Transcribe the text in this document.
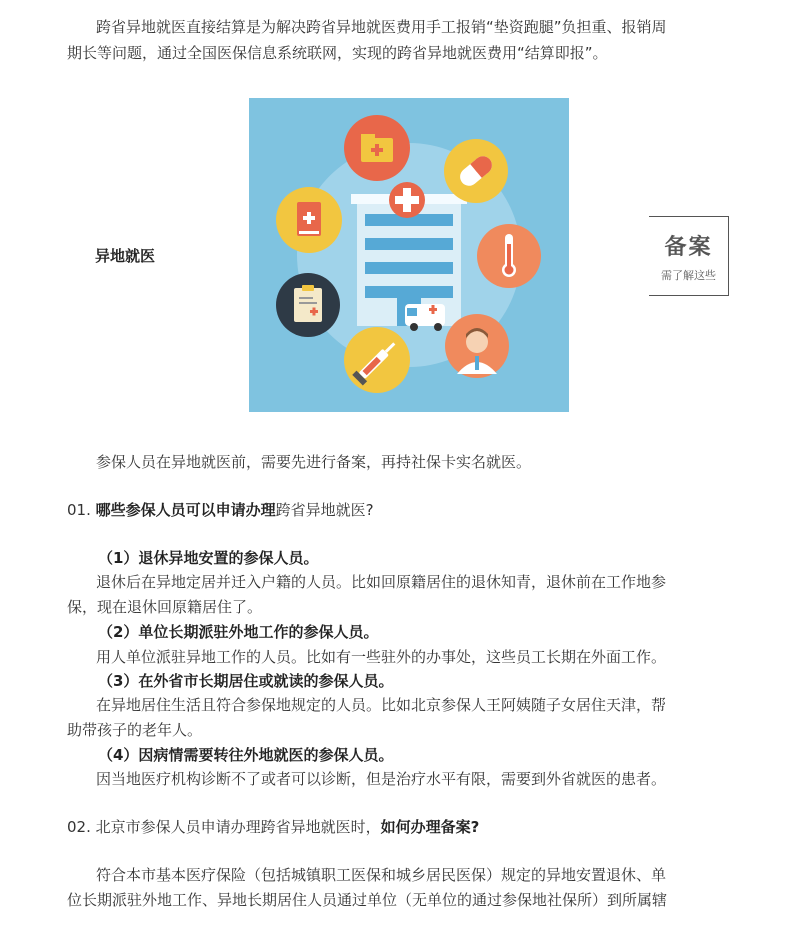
跨省异地就医直接结算是为解决跨省异地就医费用手工报销“垫资跑腿”负担重、报销周
期长等问题，通过全国医保信息系统联网，实现的跨省异地就医费用“结算即报”。
异地就医	备案
需了解这些
参保人员在异地就医前，需要先进行备案，再持社保卡实名就医。
01. 哪些参保人员可以申请办理跨省异地就医?
（1）退休异地安置的参保人员。
退休后在异地定居并迁入户籍的人员。比如回原籍居住的退休知青，退休前在工作地参
保，现在退休回原籍居住了。
（2）单位长期派驻外地工作的参保人员。
用人单位派驻异地工作的人员。比如有一些驻外的办事处，这些员工长期在外面工作。
（3）在外省市长期居住或就读的参保人员。
在异地居住生活且符合参保地规定的人员。比如北京参保人王阿姨随子女居住天津，帮
助带孩子的老年人。
（4）因病情需要转往外地就医的参保人员。
因当地医疗机构诊断不了或者可以诊断，但是治疗水平有限，需要到外省就医的患者。
02. 北京市参保人员申请办理跨省异地就医时，如何办理备案?
符合本市基本医疗保险（包括城镇职工医保和城乡居民医保）规定的异地安置退休、单
位长期派驻外地工作、异地长期居住人员通过单位（无单位的通过参保地社保所）到所属辖
